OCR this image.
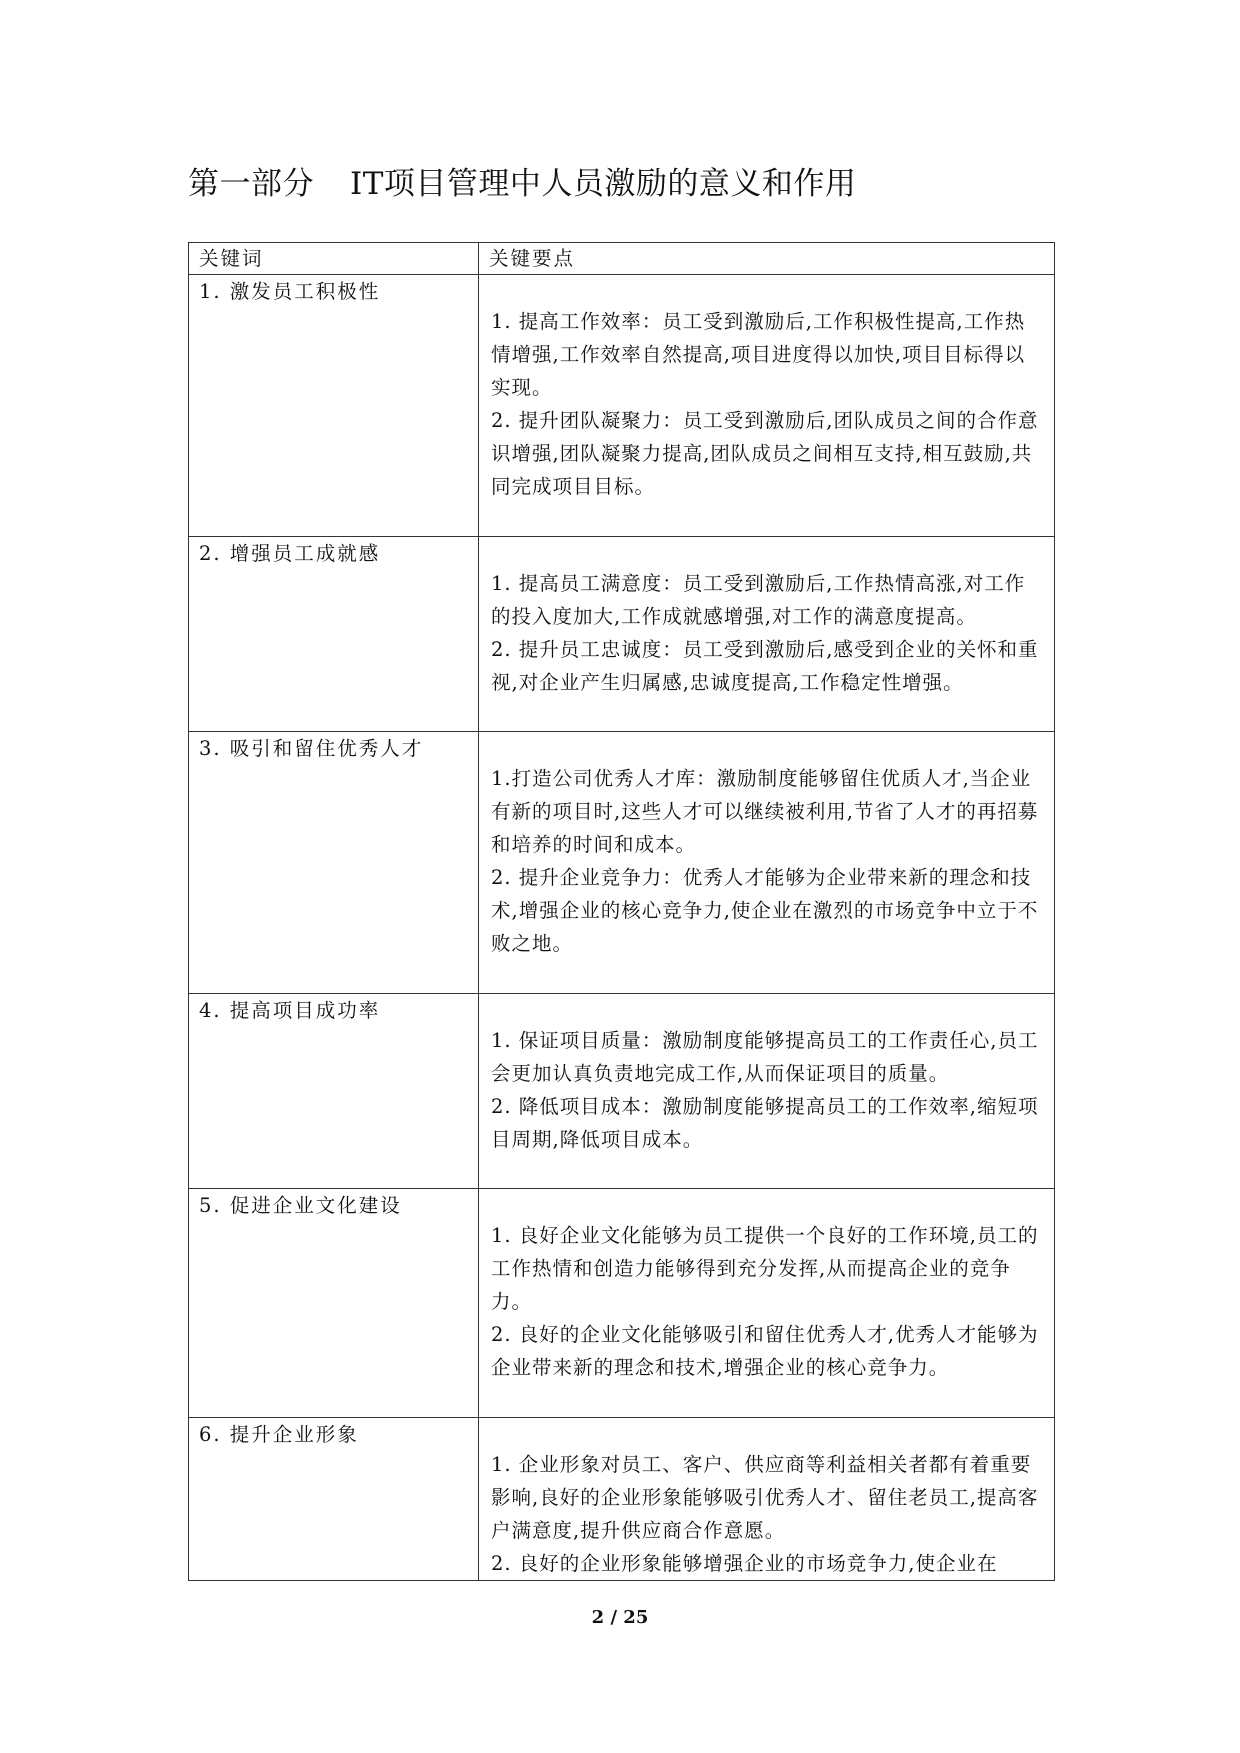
第一部分 IT项目管理中人员激励的意义和作用
关键词	关键要点
1. 激发员工积极性	1. 提高工作效率：员工受到激励后,工作积极性提高,工作热情增强,工作效率自然提高,项目进度得以加快,项目目标得以实现。

2. 提升团队凝聚力：员工受到激励后,团队成员之间的合作意识增强,团队凝聚力提高,团队成员之间相互支持,相互鼓励,共同完成项目目标。

2. 增强员工成就感	1. 提高员工满意度：员工受到激励后,工作热情高涨,对工作的投入度加大,工作成就感增强,对工作的满意度提高。

2. 提升员工忠诚度：员工受到激励后,感受到企业的关怀和重视,对企业产生归属感,忠诚度提高,工作稳定性增强。

3. 吸引和留住优秀人才	1.打造公司优秀人才库：激励制度能够留住优质人才,当企业有新的项目时,这些人才可以继续被利用,节省了人才的再招募和培养的时间和成本。

2. 提升企业竞争力：优秀人才能够为企业带来新的理念和技术,增强企业的核心竞争力,使企业在激烈的市场竞争中立于不败之地。

4. 提高项目成功率	1. 保证项目质量：激励制度能够提高员工的工作责任心,员工会更加认真负责地完成工作,从而保证项目的质量。

2. 降低项目成本：激励制度能够提高员工的工作效率,缩短项目周期,降低项目成本。

5. 促进企业文化建设	1. 良好企业文化能够为员工提供一个良好的工作环境,员工的工作热情和创造力能够得到充分发挥,从而提高企业的竞争力。

2. 良好的企业文化能够吸引和留住优秀人才,优秀人才能够为企业带来新的理念和技术,增强企业的核心竞争力。

6. 提升企业形象	1. 企业形象对员工、客户、供应商等利益相关者都有着重要影响,良好的企业形象能够吸引优秀人才、留住老员工,提高客户满意度,提升供应商合作意愿。

2. 良好的企业形象能够增强企业的市场竞争力,使企业在

2 / 25
